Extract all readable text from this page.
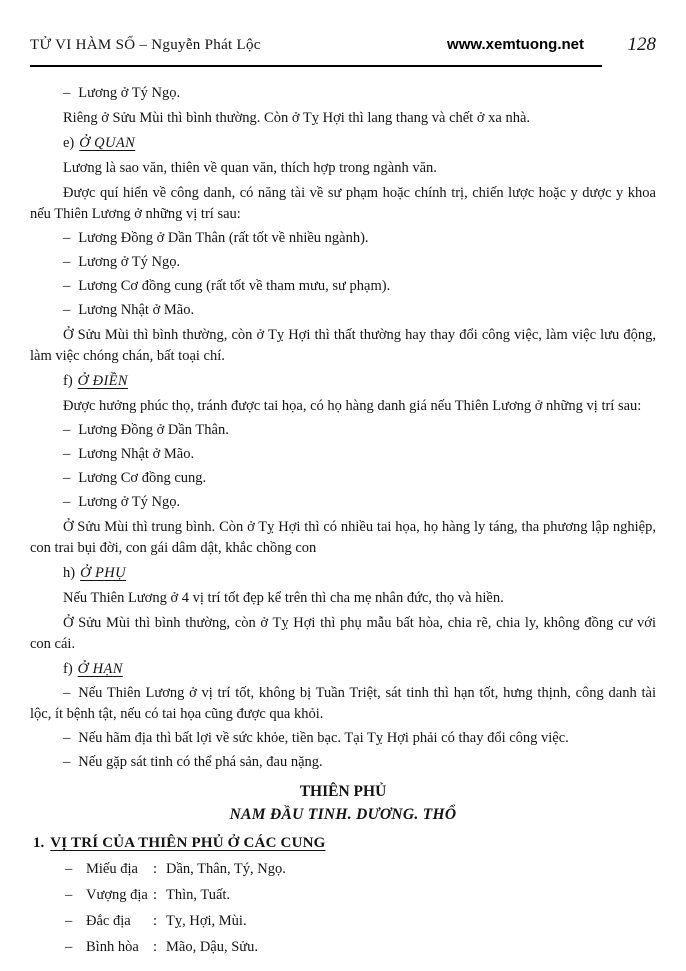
TỬ VI HÀM SỐ – Nguyễn Phát Lộc	www.xemtuong.net	128

– Lương ở Tý Ngọ.

Riêng ở Sửu Mùi thì bình thường. Còn ở Tỵ Hợi thì lang thang và chết ở xa nhà.

e) Ở QUAN

Lương là sao văn, thiên về quan văn, thích hợp trong ngành văn.

Được quí hiển về công danh, có năng tài về sư phạm hoặc chính trị, chiến lược hoặc y dược y khoa nếu Thiên Lương ở những vị trí sau:

– Lương Đồng ở Dần Thân (rất tốt về nhiều ngành).

– Lương ở Tý Ngọ.

– Lương Cơ đồng cung (rất tốt về tham mưu, sư phạm).

– Lương Nhật ở Mão.

Ở Sửu Mùi thì bình thường, còn ở Tỵ Hợi thì thất thường hay thay đổi công việc, làm việc lưu động, làm việc chóng chán, bất toại chí.

f) Ở ĐIỀN

Được hưởng phúc thọ, tránh được tai họa, có họ hàng danh giá nếu Thiên Lương ở những vị trí sau:

– Lương Đồng ở Dần Thân.

– Lương Nhật ở Mão.

– Lương Cơ đồng cung.

– Lương ở Tý Ngọ.

Ở Sửu Mùi thì trung bình. Còn ở Tỵ Hợi thì có nhiều tai họa, họ hàng ly táng, tha phương lập nghiệp, con trai bụi đời, con gái dâm dật, khắc chồng con

h) Ở PHỤ

Nếu Thiên Lương ở 4 vị trí tốt đẹp kể trên thì cha mẹ nhân đức, thọ và hiền.

Ở Sửu Mùi thì bình thường, còn ở Tỵ Hợi thì phụ mẫu bất hòa, chia rẽ, chia ly, không đồng cư với con cái.

f) Ở HẠN

– Nếu Thiên Lương ở vị trí tốt, không bị Tuần Triệt, sát tinh thì hạn tốt, hưng thịnh, công danh tài lộc, ít bệnh tật, nếu có tai họa cũng được qua khỏi.

– Nếu hãm địa thì bất lợi về sức khỏe, tiền bạc. Tại Tỵ Hợi phải có thay đổi công việc.

– Nếu gặp sát tinh có thể phá sản, đau nặng.

THIÊN PHỦ

NAM ĐẦU TINH. DƯƠNG. THỔ

1. VỊ TRÍ CỦA THIÊN PHỦ Ở CÁC CUNG

– Miếu địa	: Dần, Thân, Tý, Ngọ.
– Vượng địa : Thìn, Tuất.
– Đắc địa	: Tỵ, Hợi, Mùi.
– Bình hòa : Mão, Dậu, Sửu.
